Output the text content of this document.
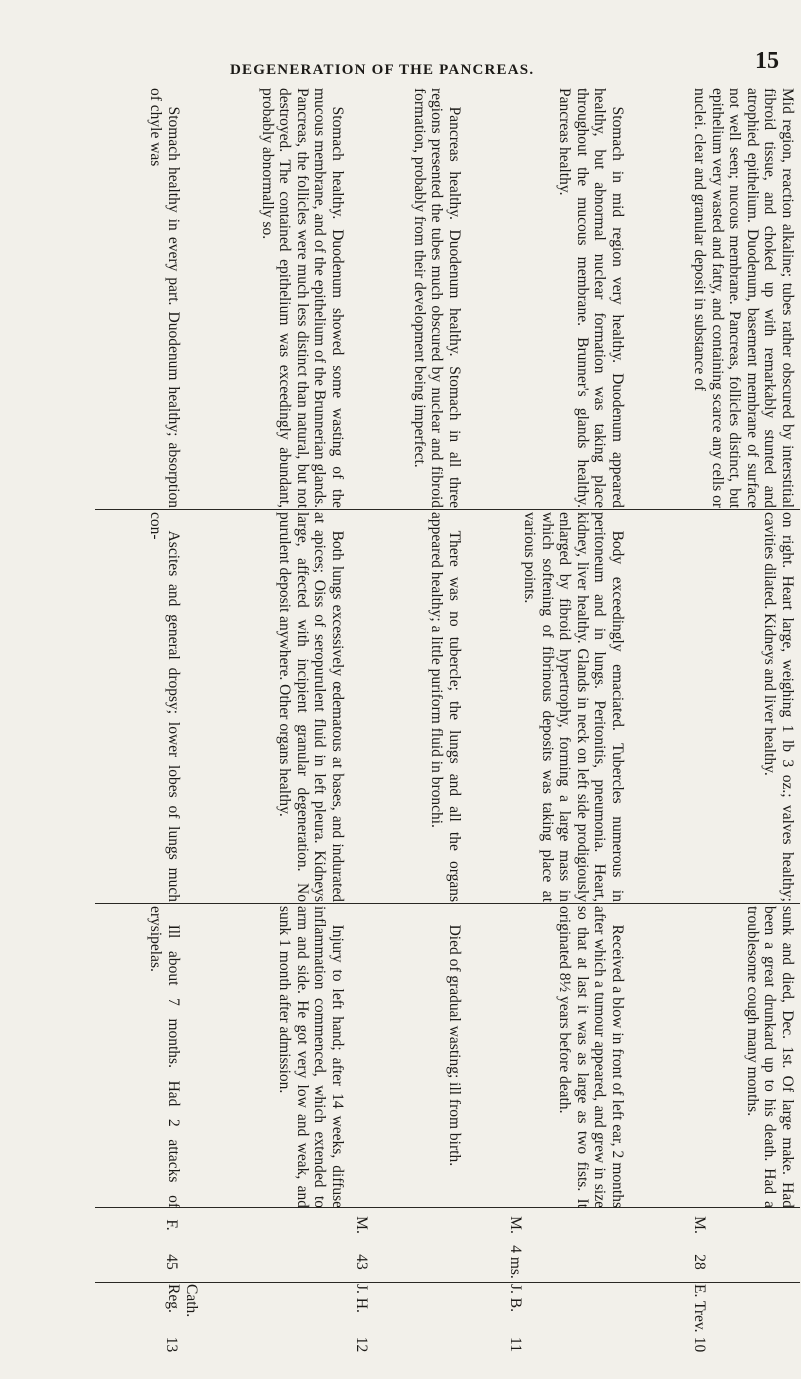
DEGENERATION OF THE PANCREAS.	15
Mid region, reaction alkaline; tubes rather obscured by interstitial fibroid tissue, and choked up with remarkably stunted and atrophied epithelium. Duodenum, basement membrane of surface not well seen; nucous membrane. Pancreas, follicles distinct, but epithelium very wasted and fatty, and containing scarce any cells or nuclei. clear and granular deposit in substance of
Stomach in mid region very healthy. Duodenum appeared healthy, but abnormal nuclear formation was taking place throughout the mucous membrane. Brunner's glands healthy. Pancreas healthy.
Pancreas healthy. Duodenum healthy. Stomach in all three regions presented the tubes much obscured by nuclear and fibroid formation, probably from their development being imperfect.
Stomach healthy. Duodenum showed some wasting of the mucous membrane, and of the epithelium of the Brunnerian glands. Pancreas, the follicles were much less distinct than natural, but not destroyed. The contained epithelium was exceedingly abundant, probably abnormally so.
Stomach healthy in every part. Duodenum healthy; absorption of chyle was
on right. Heart large, weighing 1 lb 3 oz.; valves healthy; cavities dilated. Kidneys and liver healthy.
Body exceedingly emaciated. Tubercles numerous in peritoneum and in lungs. Peritonitis, pneumonia. Heart, kidney, liver healthy. Glands in neck on left side prodigiously enlarged by fibroid hypertrophy, forming a large mass in which softening of fibrinous deposits was taking place at various points.
There was no tubercle; the lungs and all the organs appeared healthy; a little puriform fluid in bronchi.
Both lungs excessively œdematous at bases, and indurated at apices; Oiss of seropurulent fluid in left pleura. Kidneys large, affected with incipient granular degeneration. No purulent deposit anywhere. Other organs healthy.
Ascites and general dropsy; lower lobes of lungs much con-
sunk and died, Dec. 1st. Of large make. Had been a great drunkard up to his death. Had a troublesome cough many months.
Received a blow in front of left ear, 2 months after which a tumour appeared, and grew in size so that at last it was as large as two fists. It originated 8½ years before death.
Died of gradual wasting; ill from birth.
Injury to left hand; after 14 weeks, diffuse inflammation commenced, which extended to arm and side. He got very low and weak, and sunk 1 month after admission.
Ill about 7 months. Had 2 attacks of erysipelas.
M.
M.
M.
F.
28
4 ms.
43
45
E. Trev.
J. B.
J. H.
Cath. Reg.
10
11
12
13
